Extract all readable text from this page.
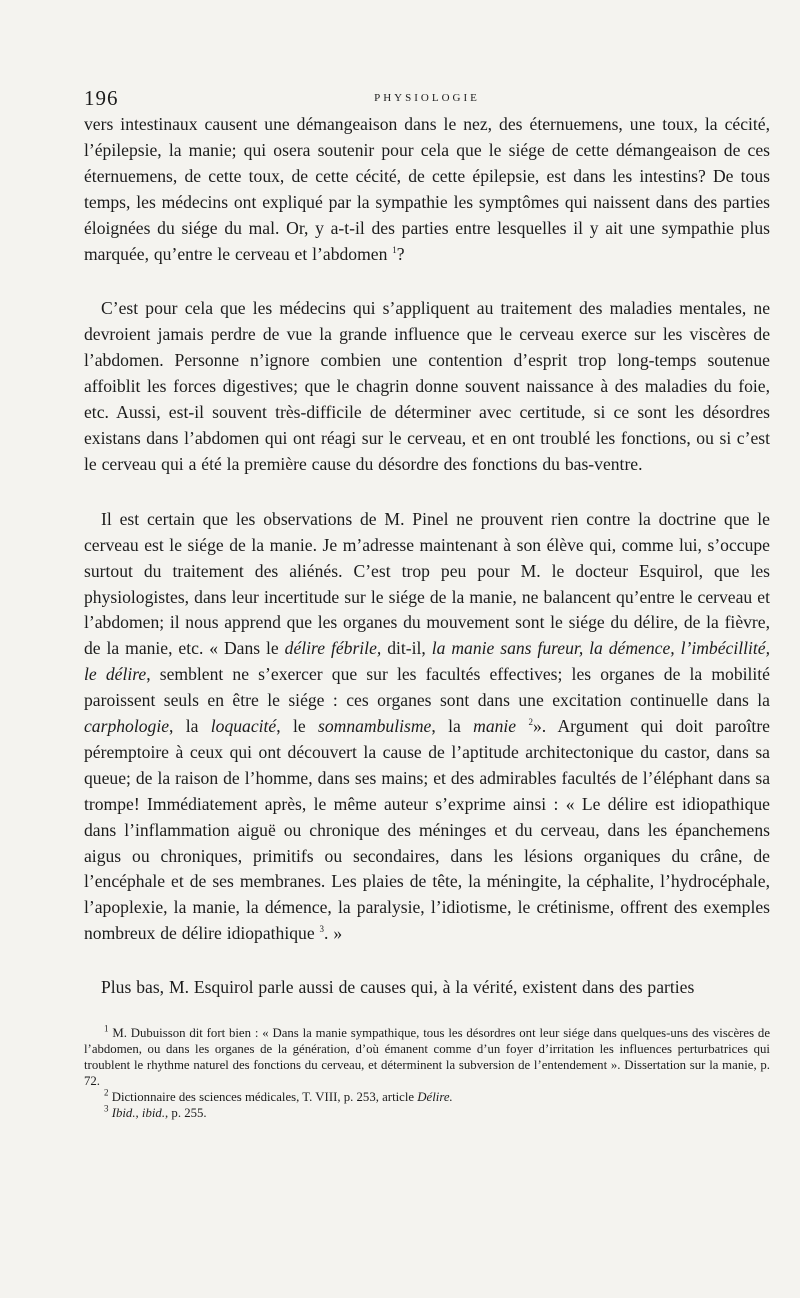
196	PHYSIOLOGIE

vers intestinaux causent une démangeaison dans le nez, des éternuemens, une toux, la cécité, l’épilepsie, la manie; qui osera soutenir pour cela que le siége de cette démangeaison de ces éternuemens, de cette toux, de cette cécité, de cette épilepsie, est dans les intestins? De tous temps, les médecins ont expliqué par la sympathie les symptômes qui naissent dans des parties éloignées du siége du mal. Or, y a-t-il des parties entre lesquelles il y ait une sympathie plus marquée, qu’entre le cerveau et l’abdomen $^1$?

C’est pour cela que les médecins qui s’appliquent au traitement des maladies mentales, ne devroient jamais perdre de vue la grande influence que le cerveau exerce sur les viscères de l’abdomen. Personne n’ignore combien une contention d’esprit trop long-temps soutenue affoiblit les forces digestives; que le chagrin donne souvent naissance à des maladies du foie, etc. Aussi, est-il souvent très-difficile de déterminer avec certitude, si ce sont les désordres existans dans l’abdomen qui ont réagi sur le cerveau, et en ont troublé les fonctions, ou si c’est le cerveau qui a été la première cause du désordre des fonctions du bas-ventre.

Il est certain que les observations de M. Pinel ne prouvent rien contre la doctrine que le cerveau est le siége de la manie. Je m’adresse maintenant à son élève qui, comme lui, s’occupe surtout du traitement des aliénés. C’est trop peu pour M. le docteur Esquirol, que les physiologistes, dans leur incertitude sur le siége de la manie, ne balancent qu’entre le cerveau et l’abdomen; il nous apprend que les organes du mouvement sont le siége du délire, de la fièvre, de la manie, etc. « Dans le délire fébrile, dit-il, la manie sans fureur, la démence, l’imbécillité, le délire, semblent ne s’exercer que sur les facultés effectives; les organes de la mobilité paroissent seuls en être le siége : ces organes sont dans une excitation continuelle dans la carphologie, la loquacité, le somnambulisme, la manie $^2$». Argument qui doit paroître péremptoire à ceux qui ont découvert la cause de l’aptitude architectonique du castor, dans sa queue; de la raison de l’homme, dans ses mains; et des admirables facultés de l’éléphant dans sa trompe! Immédiatement après, le même auteur s’exprime ainsi : « Le délire est idiopathique dans l’inflammation aiguë ou chronique des méninges et du cerveau, dans les épanchemens aigus ou chroniques, primitifs ou secondaires, dans les lésions organiques du crâne, de l’encéphale et de ses membranes. Les plaies de tête, la méningite, la céphalite, l’hydrocéphale, l’apoplexie, la manie, la démence, la paralysie, l’idiotisme, le crétinisme, offrent des exemples nombreux de délire idiopathique $^3$. »

Plus bas, M. Esquirol parle aussi de causes qui, à la vérité, existent dans des parties

$^1$ M. Dubuisson dit fort bien : « Dans la manie sympathique, tous les désordres ont leur siége dans quelques-uns des viscères de l’abdomen, ou dans les organes de la génération, d’où émanent comme d’un foyer d’irritation les influences perturbatrices qui troublent le rhythme naturel des fonctions du cerveau, et déterminent la subversion de l’entendement ». Dissertation sur la manie, p. 72.

$^2$ Dictionnaire des sciences médicales, T. VIII, p. 253, article Délire.

$^3$ Ibid., ibid., p. 255.
